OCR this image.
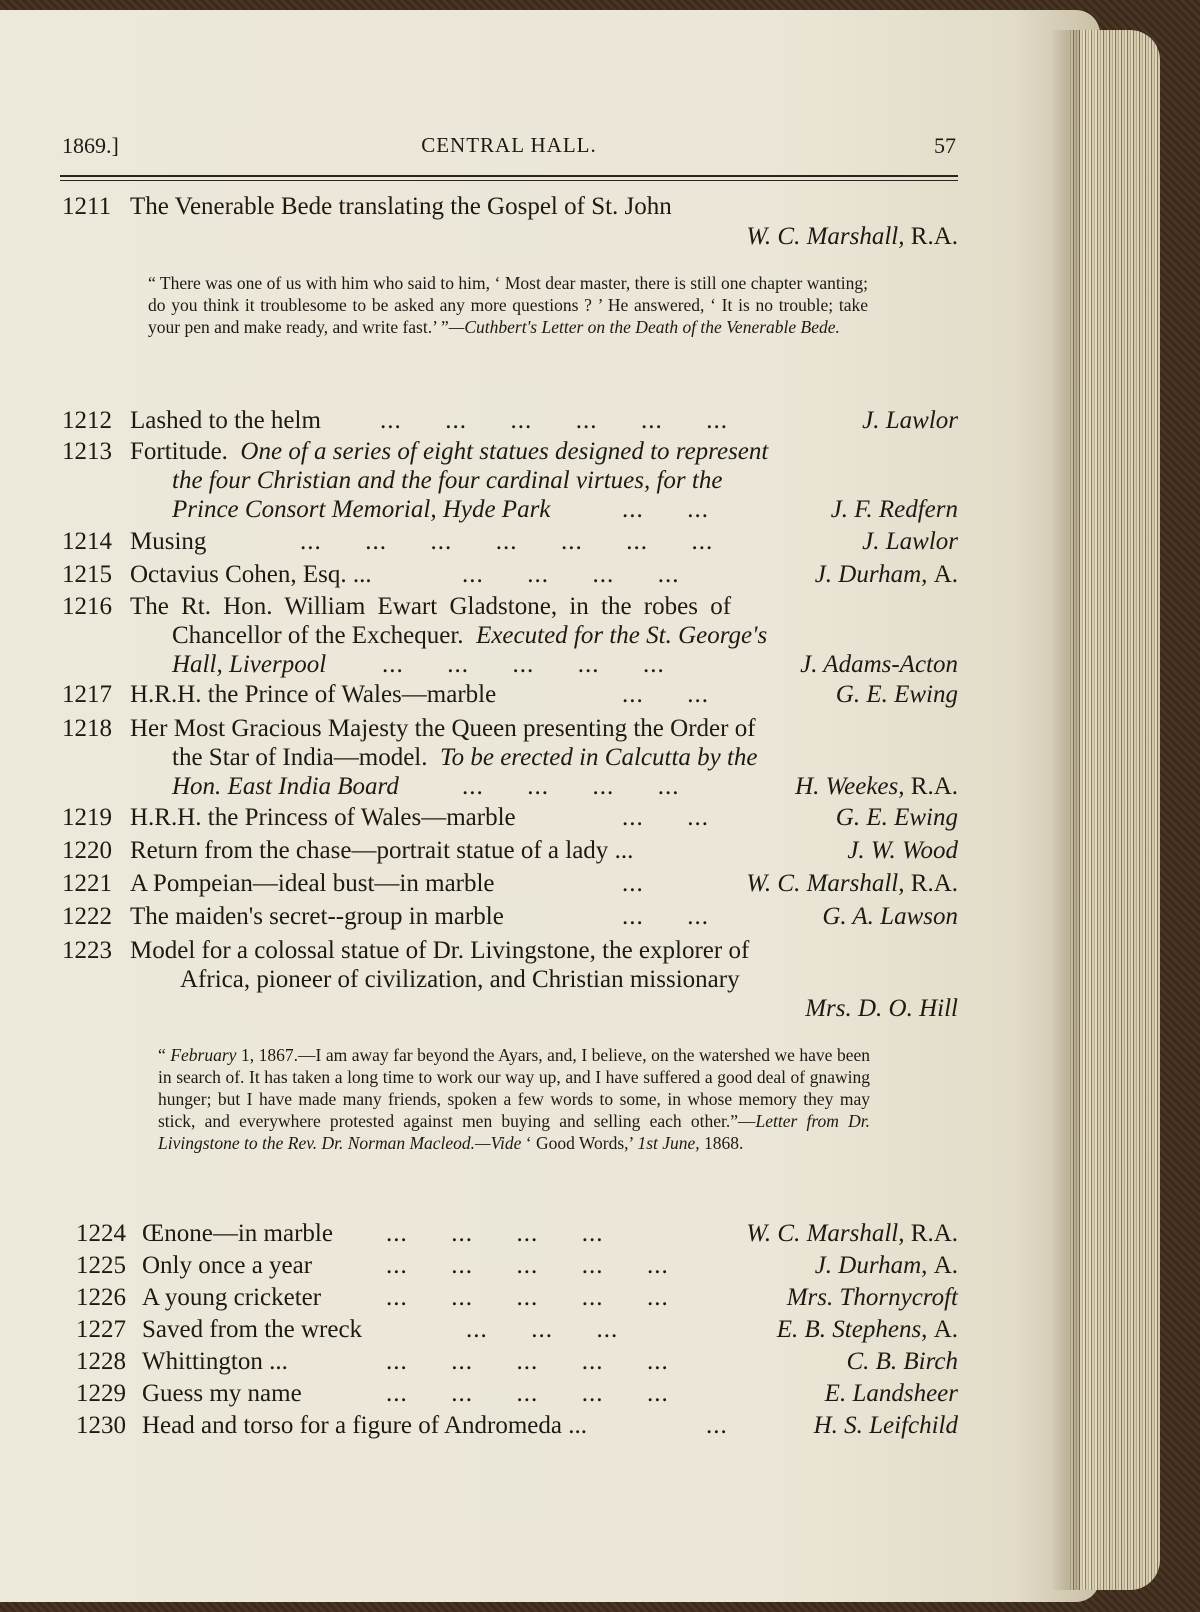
1869.]	CENTRAL HALL.	57
1211 The Venerable Bede translating the Gospel of St. John
W. C. Marshall, R.A.
“ There was one of us with him who said to him, ‘ Most dear master, there is still one chapter wanting; do you think it troublesome to be asked any more questions ? ’ He answered, ‘ It is no trouble; take your pen and make ready, and write fast.’ ”—Cuthbert's Letter on the Death of the Venerable Bede.
1212 Lashed to the helm ...      ...      ...      ...      ...      ...	J. Lawlor
1213 Fortitude. One of a series of eight statues designed to represent
the four Christian and the four cardinal virtues, for the
Prince Consort Memorial, Hyde Park	...      ...	J. F. Redfern
1214 Musing	...      ...      ...      ...      ...      ...      ...	J. Lawlor
1215 Octavius Cohen, Esq. ...	...      ...      ...      ...	J. Durham, A.
1216 The Rt. Hon. William Ewart Gladstone, in the robes of
Chancellor of the Exchequer. Executed for the St. George's
Hall, Liverpool ...      ...      ...      ...      ...	J. Adams-Acton
1217 H.R.H. the Prince of Wales—marble	...      ...	G. E. Ewing
1218 Her Most Gracious Majesty the Queen presenting the Order of
the Star of India—model. To be erected in Calcutta by the
Hon. East India Board	...      ...      ...      ...	H. Weekes, R.A.
1219 H.R.H. the Princess of Wales—marble	...      ...	G. E. Ewing
1220 Return from the chase—portrait statue of a lady ...	J. W. Wood
1221 A Pompeian—ideal bust—in marble	...	W. C. Marshall, R.A.
1222 The maiden's secret--group in marble	...      ...	G. A. Lawson
1223 Model for a colossal statue of Dr. Livingstone, the explorer of
Africa, pioneer of civilization, and Christian missionary
Mrs. D. O. Hill
“ February 1, 1867.—I am away far beyond the Ayars, and, I believe, on the watershed we have been in search of. It has taken a long time to work our way up, and I have suffered a good deal of gnawing hunger; but I have made many friends, spoken a few words to some, in whose memory they may stick, and everywhere protested against men buying and selling each other.”—Letter from Dr. Livingstone to the Rev. Dr. Norman Macleod.—Vide ‘ Good Words,’ 1st June, 1868.
1224 Œnone—in marble ...      ...      ...      ...	W. C. Marshall, R.A.
1225 Only once a year	...      ...      ...      ...      ...	J. Durham, A.
1226 A young cricketer	...      ...      ...      ...      ...	Mrs. Thornycroft
1227 Saved from the wreck	...      ...      ...	E. B. Stephens, A.
1228 Whittington ...	...      ...      ...      ...      ...	C. B. Birch
1229 Guess my name	...      ...      ...      ...      ...	E. Landsheer
1230 Head and torso for a figure of Andromeda ...	...	H. S. Leifchild
